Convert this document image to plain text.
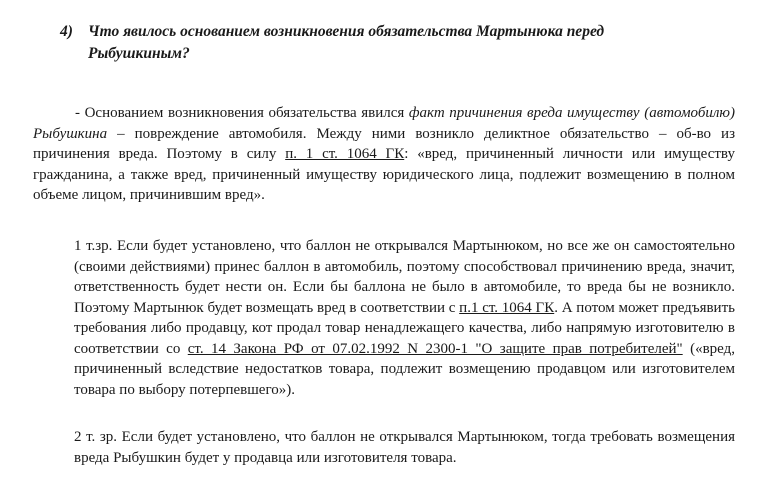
4) Что явилось основанием возникновения обязательства Мартынюка перед
Рыбушкиным?
- Основанием возникновения обязательства явился факт причинения вреда имуществу (автомобилю) Рыбушкина – повреждение автомобиля. Между ними возникло деликтное обязательство – об-во из причинения вреда. Поэтому в силу п. 1 ст. 1064 ГК: «вред, причиненный личности или имуществу гражданина, а также вред, причиненный имуществу юридического лица, подлежит возмещению в полном объеме лицом, причинившим вред».
1 т.зр. Если будет установлено, что баллон не открывался Мартынюком, но все же он самостоятельно (своими действиями) принес баллон в автомобиль, поэтому способствовал причинению вреда, значит, ответственность будет нести он. Если бы баллона не было в автомобиле, то вреда бы не возникло. Поэтому Мартынюк будет возмещать вред в соответствии с п.1 ст. 1064 ГК. А потом может предъявить требования либо продавцу, кот продал товар ненадлежащего качества, либо напрямую изготовителю в соответствии со ст. 14 Закона РФ от 07.02.1992 N 2300-1 "О защите прав потребителей" («вред, причиненный вследствие недостатков товара, подлежит возмещению продавцом или изготовителем товара по выбору потерпевшего»).
2 т. зр. Если будет установлено, что баллон не открывался Мартынюком, тогда требовать возмещения вреда Рыбушкин будет у продавца или изготовителя товара.
